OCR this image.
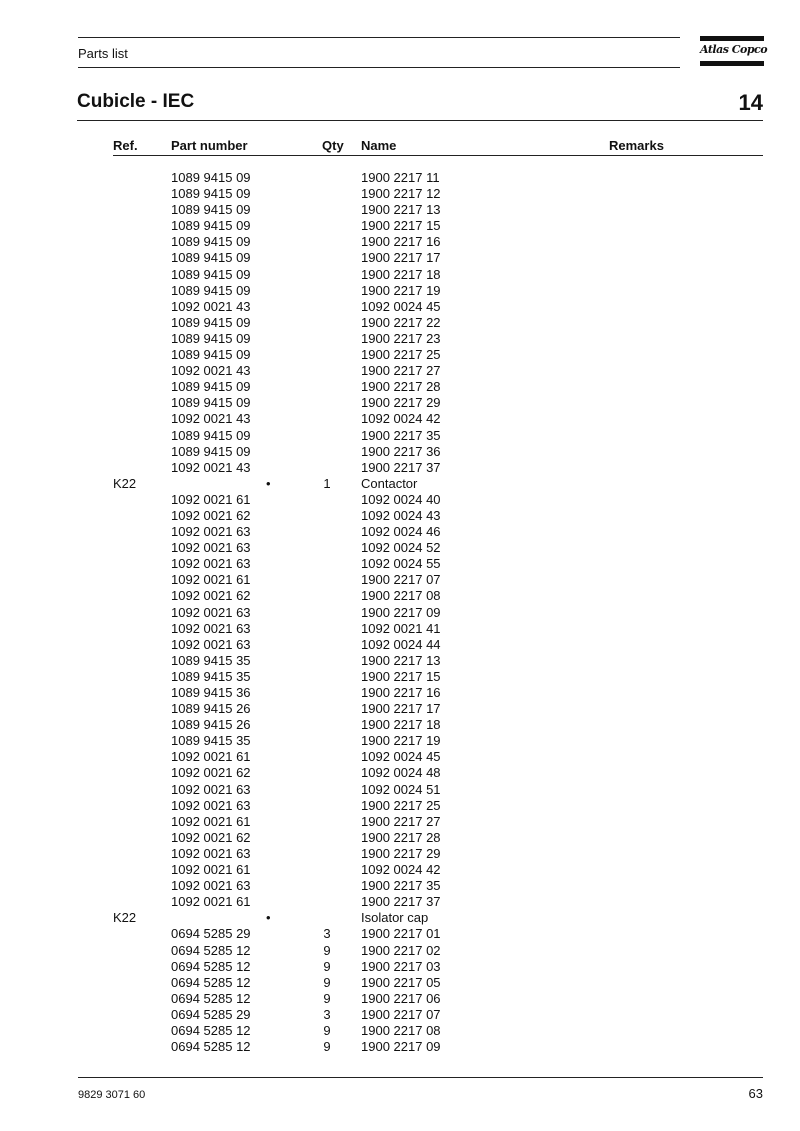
Parts list	Atlas Copco
Cubicle - IEC	14
Ref.	Part number	Qty Name	Remarks
1089 9415 09	1900 2217 11
1089 9415 09	1900 2217 12
1089 9415 09	1900 2217 13
1089 9415 09	1900 2217 15
1089 9415 09	1900 2217 16
1089 9415 09	1900 2217 17
1089 9415 09	1900 2217 18
1089 9415 09	1900 2217 19
1092 0021 43	1092 0024 45
1089 9415 09	1900 2217 22
1089 9415 09	1900 2217 23
1089 9415 09	1900 2217 25
1092 0021 43	1900 2217 27
1089 9415 09	1900 2217 28
1089 9415 09	1900 2217 29
1092 0021 43	1092 0024 42
1089 9415 09	1900 2217 35
1089 9415 09	1900 2217 36
1092 0021 43	1900 2217 37
K22	•	1	Contactor
1092 0021 61	1092 0024 40
1092 0021 62	1092 0024 43
1092 0021 63	1092 0024 46
1092 0021 63	1092 0024 52
1092 0021 63	1092 0024 55
1092 0021 61	1900 2217 07
1092 0021 62	1900 2217 08
1092 0021 63	1900 2217 09
1092 0021 63	1092 0021 41
1092 0021 63	1092 0024 44
1089 9415 35	1900 2217 13
1089 9415 35	1900 2217 15
1089 9415 36	1900 2217 16
1089 9415 26	1900 2217 17
1089 9415 26	1900 2217 18
1089 9415 35	1900 2217 19
1092 0021 61	1092 0024 45
1092 0021 62	1092 0024 48
1092 0021 63	1092 0024 51
1092 0021 63	1900 2217 25
1092 0021 61	1900 2217 27
1092 0021 62	1900 2217 28
1092 0021 63	1900 2217 29
1092 0021 61	1092 0024 42
1092 0021 63	1900 2217 35
1092 0021 61	1900 2217 37
K22	•	Isolator cap
0694 5285 29	3	1900 2217 01
0694 5285 12	9	1900 2217 02
0694 5285 12	9	1900 2217 03
0694 5285 12	9	1900 2217 05
0694 5285 12	9	1900 2217 06
0694 5285 29	3	1900 2217 07
0694 5285 12	9	1900 2217 08
0694 5285 12	9	1900 2217 09
9829 3071 60	63
